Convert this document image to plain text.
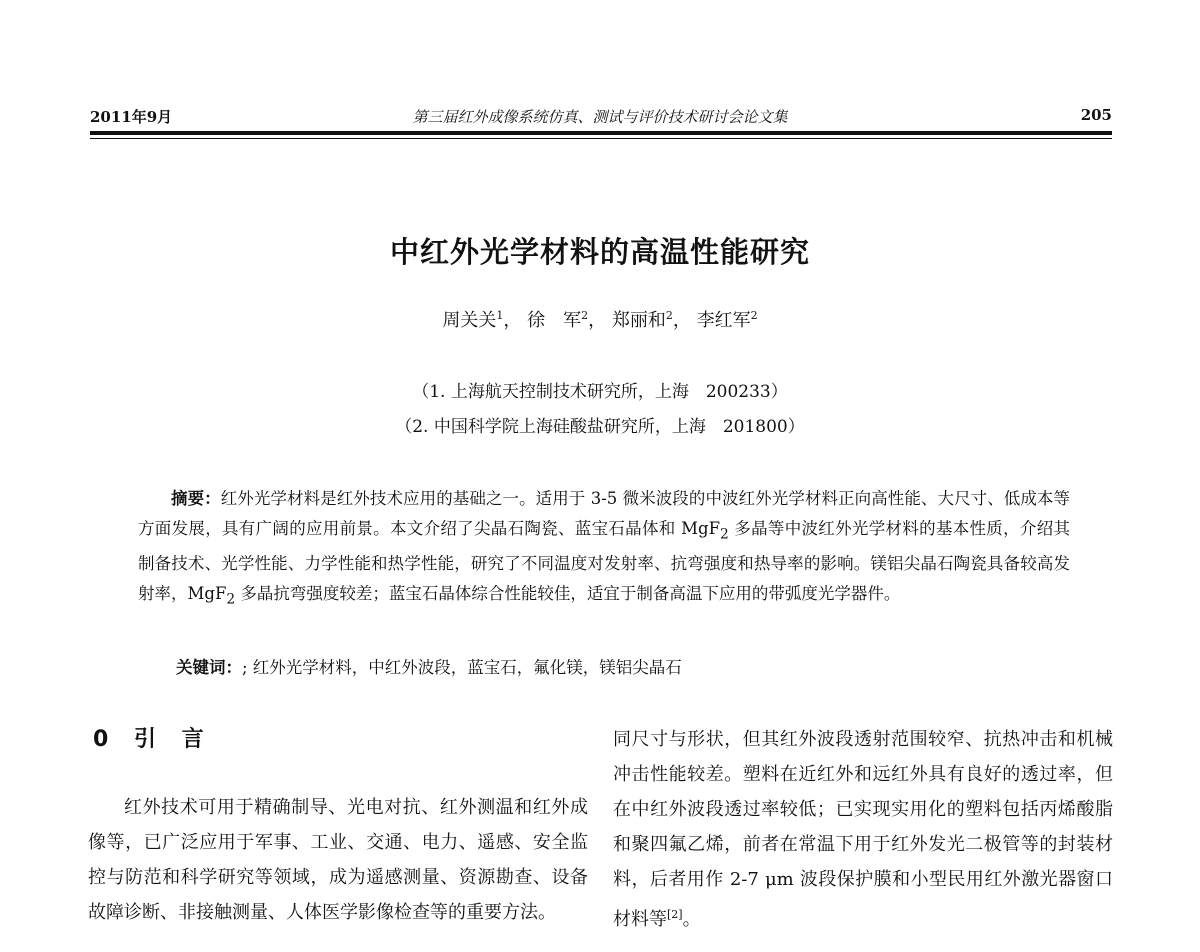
2011年9月	第三届红外成像系统仿真、测试与评价技术研讨会论文集	205
中红外光学材料的高温性能研究
周关关$^1$， 徐　军$^2$， 郑丽和$^2$， 李红军$^2$
（1. 上海航天控制技术研究所，上海　200233）
（2. 中国科学院上海硅酸盐研究所，上海　201800）

摘要：红外光学材料是红外技术应用的基础之一。适用于 3-5 微米波段的中波红外光学材料正向高性能、大尺寸、低成本等方面发展，具有广阔的应用前景。本文介绍了尖晶石陶瓷、蓝宝石晶体和 MgF$_2$ 多晶等中波红外光学材料的基本性质，介绍其制备技术、光学性能、力学性能和热学性能，研究了不同温度对发射率、抗弯强度和热导率的影响。镁铝尖晶石陶瓷具备较高发射率，MgF$_2$ 多晶抗弯强度较差；蓝宝石晶体综合性能较佳，适宜于制备高温下应用的带弧度光学器件。

关键词：; 红外光学材料，中红外波段，蓝宝石，氟化镁，镁铝尖晶石
0 引 言

红外技术可用于精确制导、光电对抗、红外测温和红外成像等，已广泛应用于军事、工业、交通、电力、遥感、安全监控与防范和科学研究等领域，成为遥感测量、资源勘查、设备故障诊断、非接触测量、人体医学影像检查等的重要方法。

同尺寸与形状，但其红外波段透射范围较窄、抗热冲击和机械冲击性能较差。塑料在近红外和远红外具有良好的透过率，但在中红外波段透过率较低；已实现实用化的塑料包括丙烯酸脂和聚四氟乙烯，前者在常温下用于红外发光二极管等的封装材料，后者用作 2-7 μm 波段保护膜和小型民用红外激光器窗口材料等[2]。
